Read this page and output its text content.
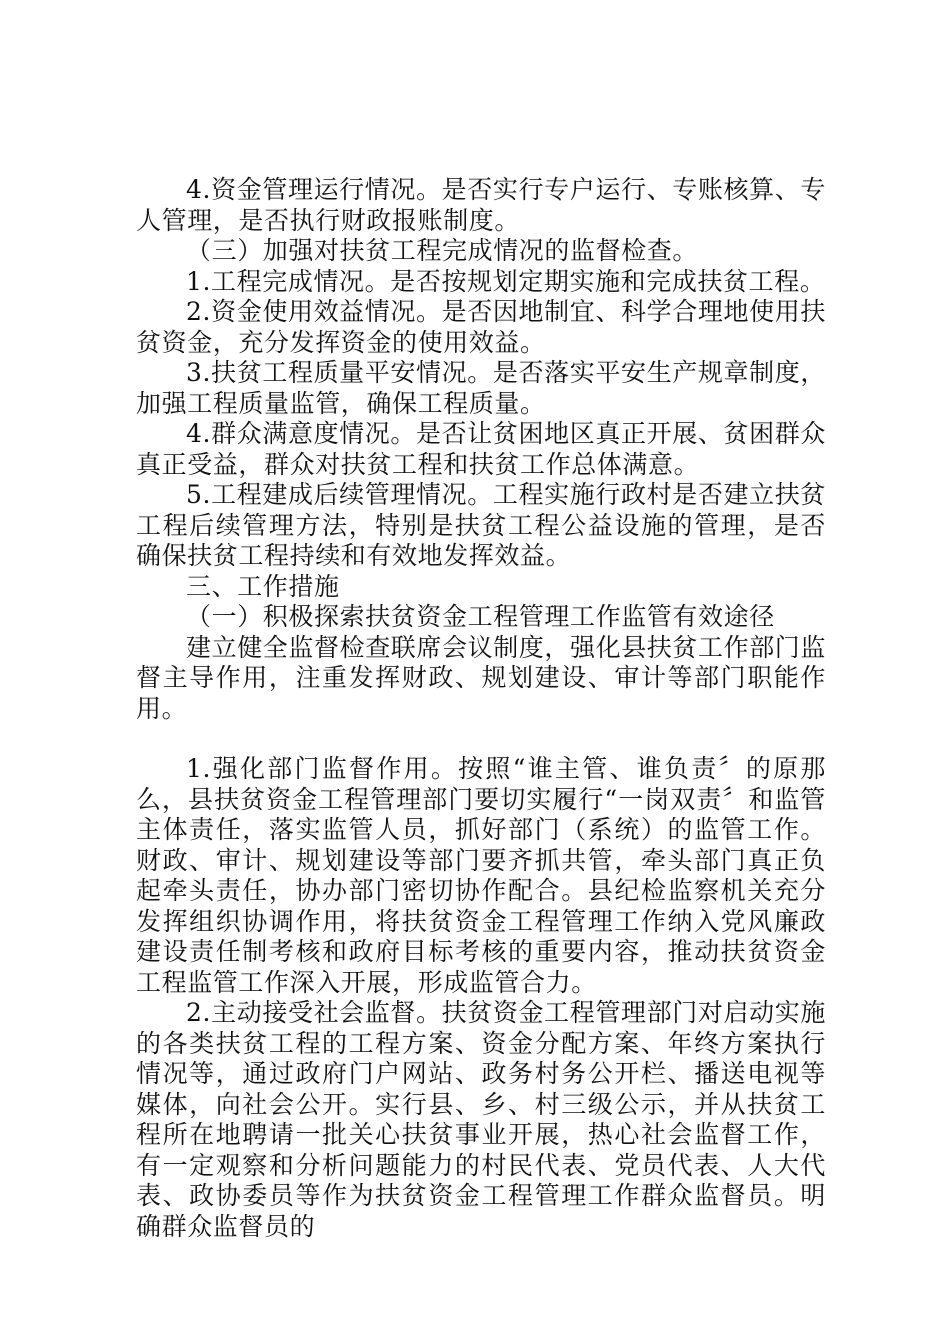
4.资金管理运行情况。是否实行专户运行、专账核算、专人管理，是否执行财政报账制度。

（三）加强对扶贫工程完成情况的监督检查。

1.工程完成情况。是否按规划定期实施和完成扶贫工程。

2.资金使用效益情况。是否因地制宜、科学合理地使用扶贫资金，充分发挥资金的使用效益。

3.扶贫工程质量平安情况。是否落实平安生产规章制度，加强工程质量监管，确保工程质量。

4.群众满意度情况。是否让贫困地区真正开展、贫困群众真正受益，群众对扶贫工程和扶贫工作总体满意。

5.工程建成后续管理情况。工程实施行政村是否建立扶贫工程后续管理方法，特别是扶贫工程公益设施的管理，是否确保扶贫工程持续和有效地发挥效益。

三、工作措施

（一）积极探索扶贫资金工程管理工作监管有效途径

建立健全监督检查联席会议制度，强化县扶贫工作部门监督主导作用，注重发挥财政、规划建设、审计等部门职能作用。

1.强化部门监督作用。按照“谁主管、谁负责〞的原那么，县扶贫资金工程管理部门要切实履行“一岗双责〞和监管主体责任，落实监管人员，抓好部门（系统）的监管工作。财政、审计、规划建设等部门要齐抓共管，牵头部门真正负起牵头责任，协办部门密切协作配合。县纪检监察机关充分发挥组织协调作用，将扶贫资金工程管理工作纳入党风廉政建设责任制考核和政府目标考核的重要内容，推动扶贫资金工程监管工作深入开展，形成监管合力。

2.主动接受社会监督。扶贫资金工程管理部门对启动实施的各类扶贫工程的工程方案、资金分配方案、年终方案执行情况等，通过政府门户网站、政务村务公开栏、播送电视等媒体，向社会公开。实行县、乡、村三级公示，并从扶贫工程所在地聘请一批关心扶贫事业开展，热心社会监督工作，有一定观察和分析问题能力的村民代表、党员代表、人大代表、政协委员等作为扶贫资金工程管理工作群众监督员。明确群众监督员的
